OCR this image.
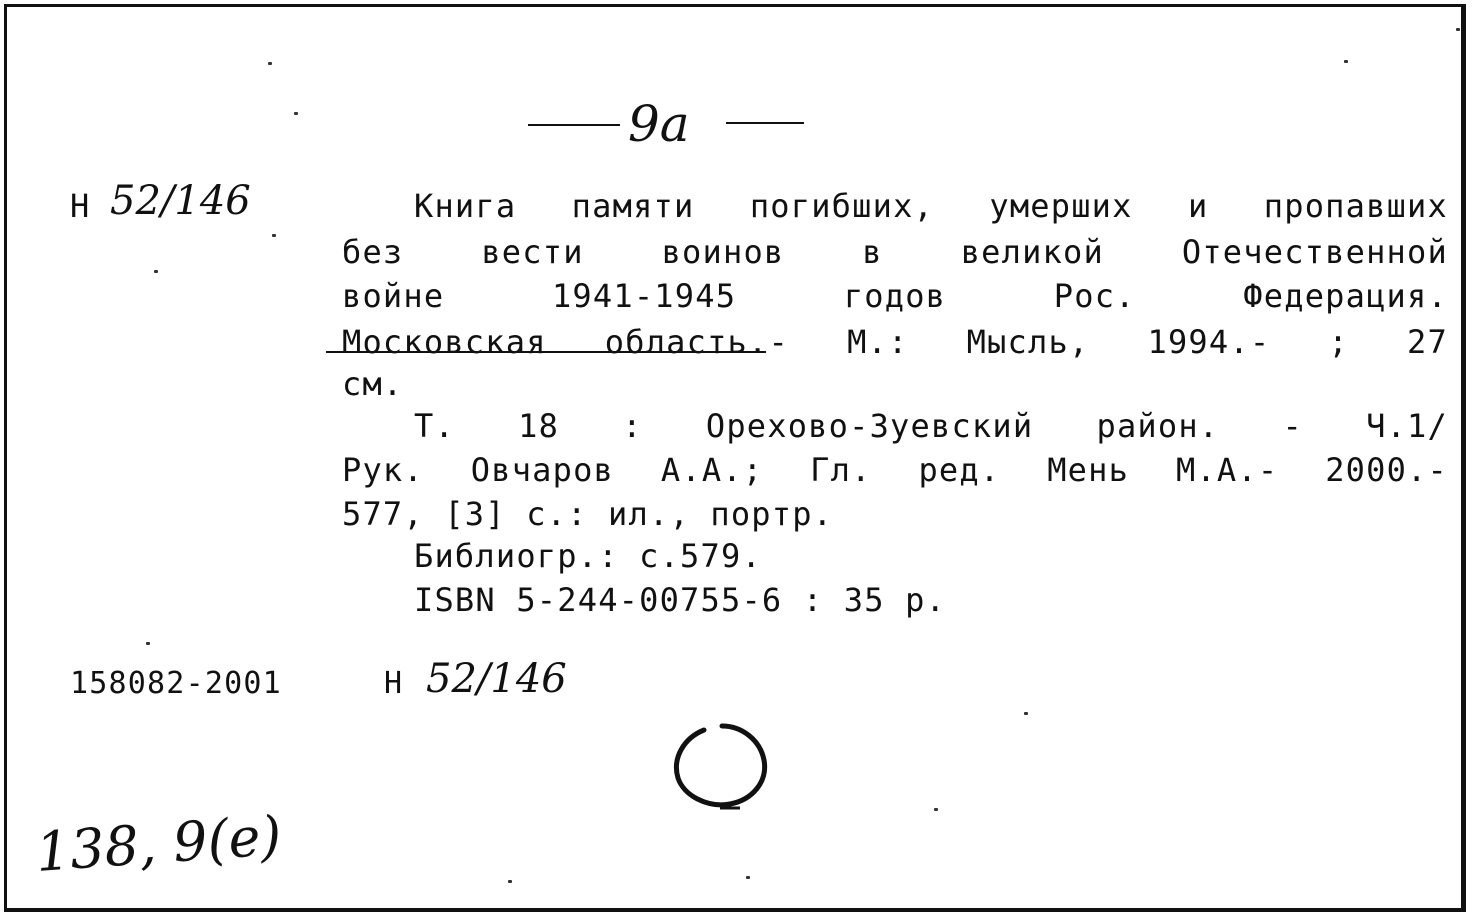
9a
Н 52/146	Книга памяти погибших, умерших и пропавших
без вести воинов в великой Отечественной
войне	1941-1945	годов	Рос.	Федерация.
Московская область.- М.: Мысль, 1994.- ; 27
см.
Т. 18 : Орехово-Зуевский район. - Ч.1/
Рук. Овчаров А.А.; Гл. ред. Мень М.А.- 2000.-
577, [3] с.: ил., портр.
Библиогр.: с.579.
ISBN 5-244-00755-6 : 35 р.
158082-2001	Н 52/146
138, 9(e)
